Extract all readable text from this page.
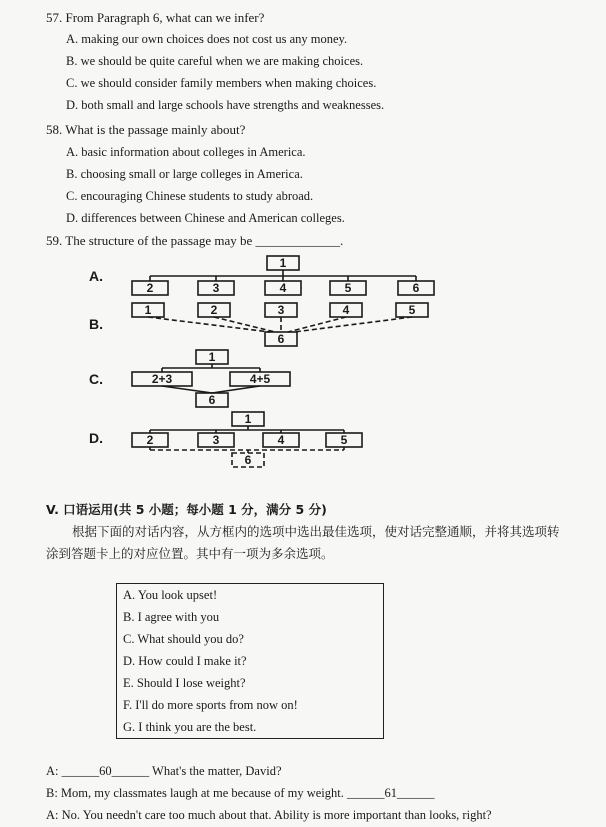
57. From Paragraph 6, what can we infer?
A. making our own choices does not cost us any money.
B. we should be quite careful when we are making choices.
C. we should consider family members when making choices.
D. both small and large schools have strengths and weaknesses.
58. What is the passage mainly about?
A. basic information about colleges in America.
B. choosing small or large colleges in America.
C. encouraging Chinese students to study abroad.
D. differences between Chinese and American colleges.
59. The structure of the passage may be _____________.
A.
B.
C.
D.
1
2	3	4	5	6
1	2	3	4	5
6
1
2+3	4+5
6
1
2	3	4	5
6
V. 口语运用(共 5 小题；每小题 1 分，满分 5 分)
根据下面的对话内容，从方框内的选项中选出最佳选项，使对话完整通顺，并将其选项转
涂到答题卡上的对应位置。其中有一项为多余选项。
A. You look upset!
B. I agree with you
C. What should you do?
D. How could I make it?
E. Should I lose weight?
F. I'll do more sports from now on!
G. I think you are the best.
A: ______60______ What's the matter, David?
B: Mom, my classmates laugh at me because of my weight. ______61______
A: No. You needn't care too much about that. Ability is more important than looks, right?
